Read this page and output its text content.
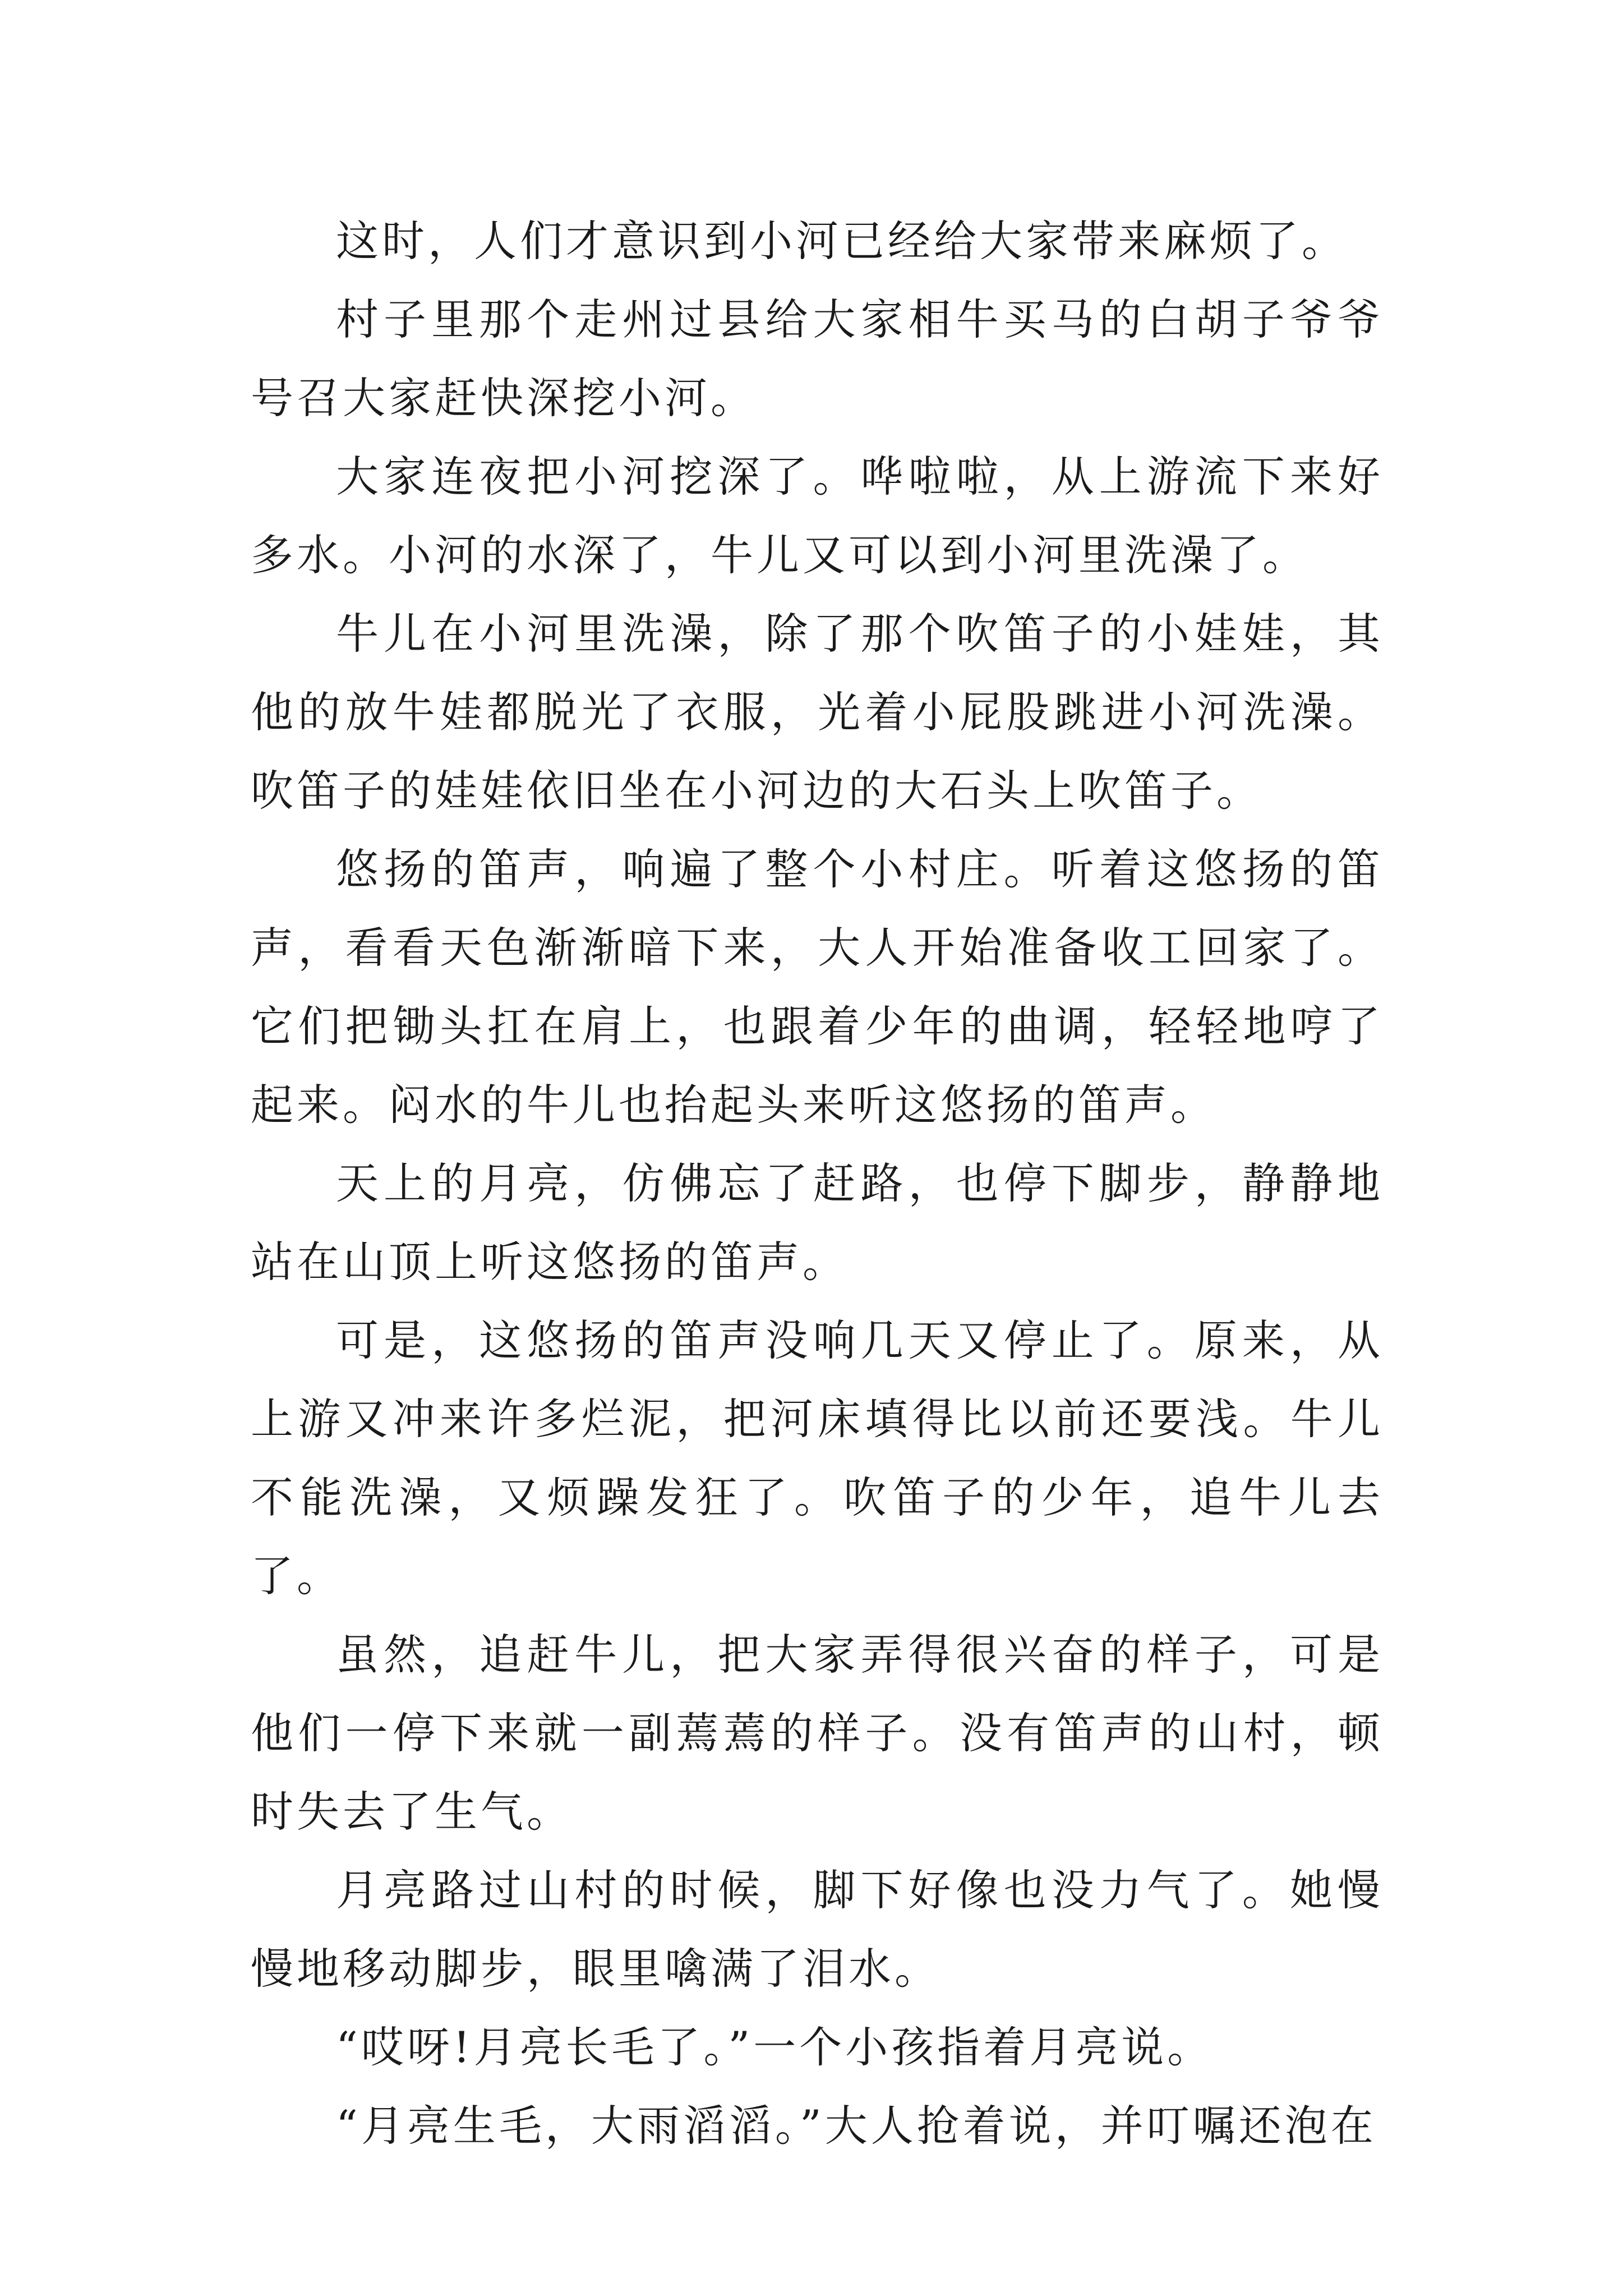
这时，人们才意识到小河已经给大家带来麻烦了。

村子里那个走州过县给大家相牛买马的白胡子爷爷号召大家赶快深挖小河。

大家连夜把小河挖深了。哗啦啦，从上游流下来好多水。小河的水深了，牛儿又可以到小河里洗澡了。

牛儿在小河里洗澡，除了那个吹笛子的小娃娃，其他的放牛娃都脱光了衣服，光着小屁股跳进小河洗澡。吹笛子的娃娃依旧坐在小河边的大石头上吹笛子。

悠扬的笛声，响遍了整个小村庄。听着这悠扬的笛声，看看天色渐渐暗下来，大人开始准备收工回家了。它们把锄头扛在肩上，也跟着少年的曲调，轻轻地哼了起来。闷水的牛儿也抬起头来听这悠扬的笛声。

天上的月亮，仿佛忘了赶路，也停下脚步，静静地站在山顶上听这悠扬的笛声。

可是，这悠扬的笛声没响几天又停止了。原来，从上游又冲来许多烂泥，把河床填得比以前还要浅。牛儿不能洗澡，又烦躁发狂了。吹笛子的少年，追牛儿去了。

虽然，追赶牛儿，把大家弄得很兴奋的样子，可是他们一停下来就一副蔫蔫的样子。没有笛声的山村，顿时失去了生气。

月亮路过山村的时候，脚下好像也没力气了。她慢慢地移动脚步，眼里噙满了泪水。

“哎呀!月亮长毛了。”一个小孩指着月亮说。

“月亮生毛，大雨滔滔。”大人抢着说，并叮嘱还泡在
